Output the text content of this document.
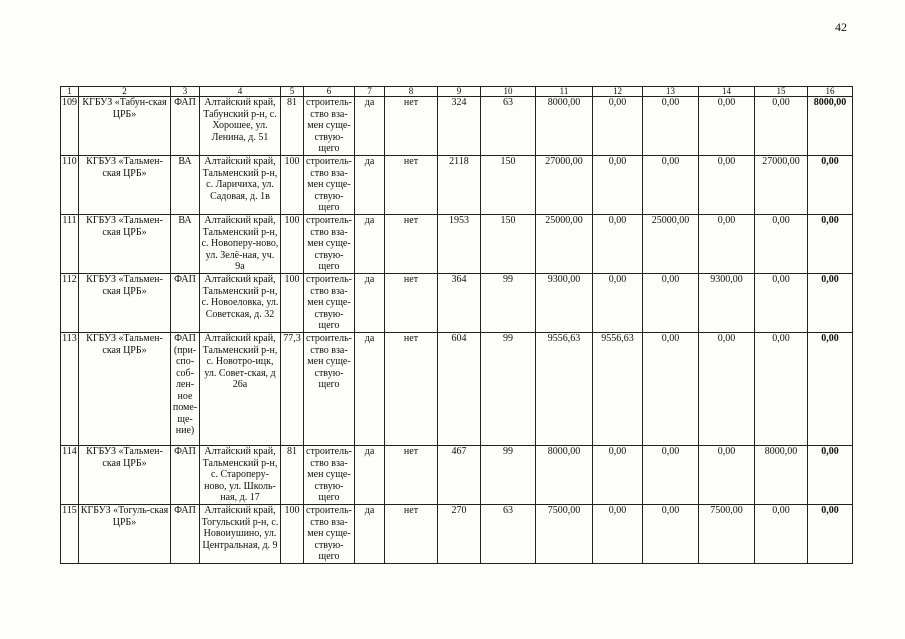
42
1	2	3	4	5	6	7	8	9	10	11	12	13	14	15	16
109	КГБУЗ «Табун-ская ЦРБ»	ФАП	Алтайский край, Табунский р-н, с. Хорошее, ул. Ленина, д. 51	81	строитель-ство вза-мен суще-ствую-щего	да	нет	324	63	8000,00	0,00	0,00	0,00	0,00	8000,00
110	КГБУЗ «Тальмен-ская ЦРБ»	ВА	Алтайский край, Тальменский р-н, с. Ларичиха, ул. Садовая, д. 1в	100	строитель-ство вза-мен суще-ствую-щего	да	нет	2118	150	27000,00	0,00	0,00	0,00	27000,00	0,00
111	КГБУЗ «Тальмен-ская ЦРБ»	ВА	Алтайский край, Тальменский р-н, с. Новоперу-ново, ул. Зелё-ная, уч. 9а	100	строитель-ство вза-мен суще-ствую-щего	да	нет	1953	150	25000,00	0,00	25000,00	0,00	0,00	0,00
112	КГБУЗ «Тальмен-ская ЦРБ»	ФАП	Алтайский край, Тальменский р-н, с. Новоеловка, ул. Советская, д. 32	100	строитель-ство вза-мен суще-ствую-щего	да	нет	364	99	9300,00	0,00	0,00	9300,00	0,00	0,00
113	КГБУЗ «Тальмен-ская ЦРБ»	ФАП (при-спо-соб-лен-ное поме-ще-ние)	Алтайский край, Тальменский р-н, с. Новотро-ицк, ул. Совет-ская, д 26а	77,3	строитель-ство вза-мен суще-ствую-щего	да	нет	604	99	9556,63	9556,63	0,00	0,00	0,00	0,00
114	КГБУЗ «Тальмен-ская ЦРБ»	ФАП	Алтайский край, Тальменский р-н, с. Староперу-ново, ул. Школь-ная, д. 17	81	строитель-ство вза-мен суще-ствую-щего	да	нет	467	99	8000,00	0,00	0,00	0,00	8000,00	0,00
115	КГБУЗ «Тогуль-ская ЦРБ»	ФАП	Алтайский край, Тогульский р-н, с. Новоиушино, ул. Центральная, д. 9	100	строитель-ство вза-мен суще-ствую-щего	да	нет	270	63	7500,00	0,00	0,00	7500,00	0,00	0,00
